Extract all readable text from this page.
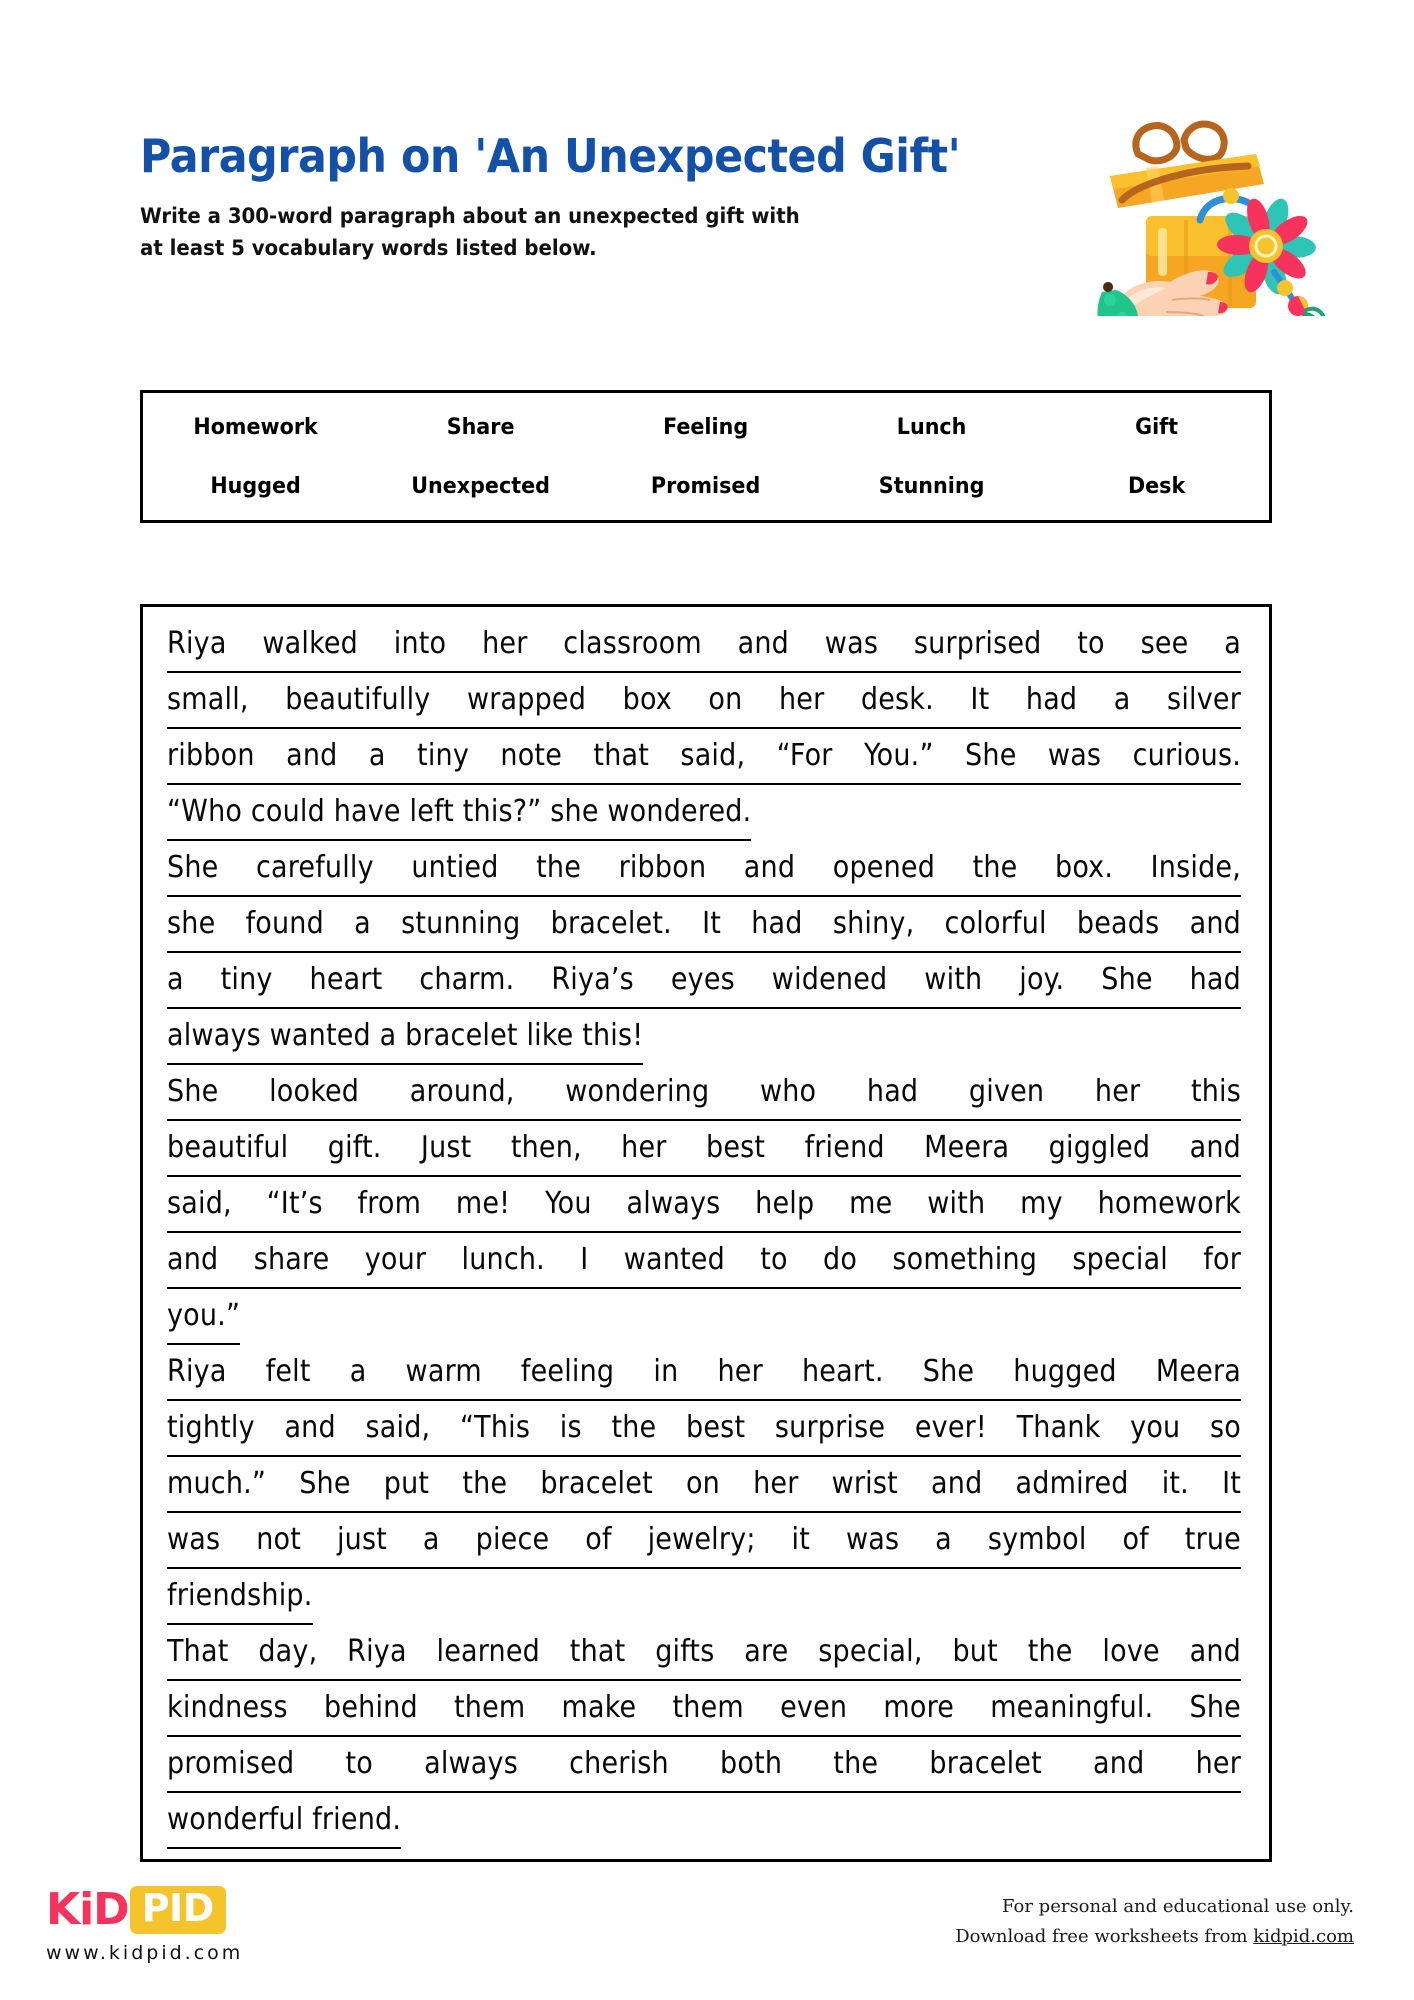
Paragraph on 'An Unexpected Gift'
Write a 300-word paragraph about an unexpected gift with
at least 5 vocabulary words listed below.
Homework	Share	Feeling	Lunch	Gift
Hugged	Unexpected	Promised	Stunning	Desk
Riya walked into her classroom and was surprised to see a
small, beautifully wrapped box on her desk. It had a silver
ribbon and a tiny note that said, “For You.” She was curious.
“Who could have left this?” she wondered.
She carefully untied the ribbon and opened the box. Inside,
she found a stunning bracelet. It had shiny, colorful beads and
a tiny heart charm. Riya’s eyes widened with joy. She had
always wanted a bracelet like this!
She looked around, wondering who had given her this
beautiful gift. Just then, her best friend Meera giggled and
said, “It’s from me! You always help me with my homework
and share your lunch. I wanted to do something special for
you.”
Riya felt a warm feeling in her heart. She hugged Meera
tightly and said, “This is the best surprise ever! Thank you so
much.” She put the bracelet on her wrist and admired it. It
was not just a piece of jewelry; it was a symbol of true
friendship.
That day, Riya learned that gifts are special, but the love and
kindness behind them make them even more meaningful. She
promised to always cherish both the bracelet and her
wonderful friend.
KiD PID
www.kidpid.com
For personal and educational use only.
Download free worksheets from kidpid.com
